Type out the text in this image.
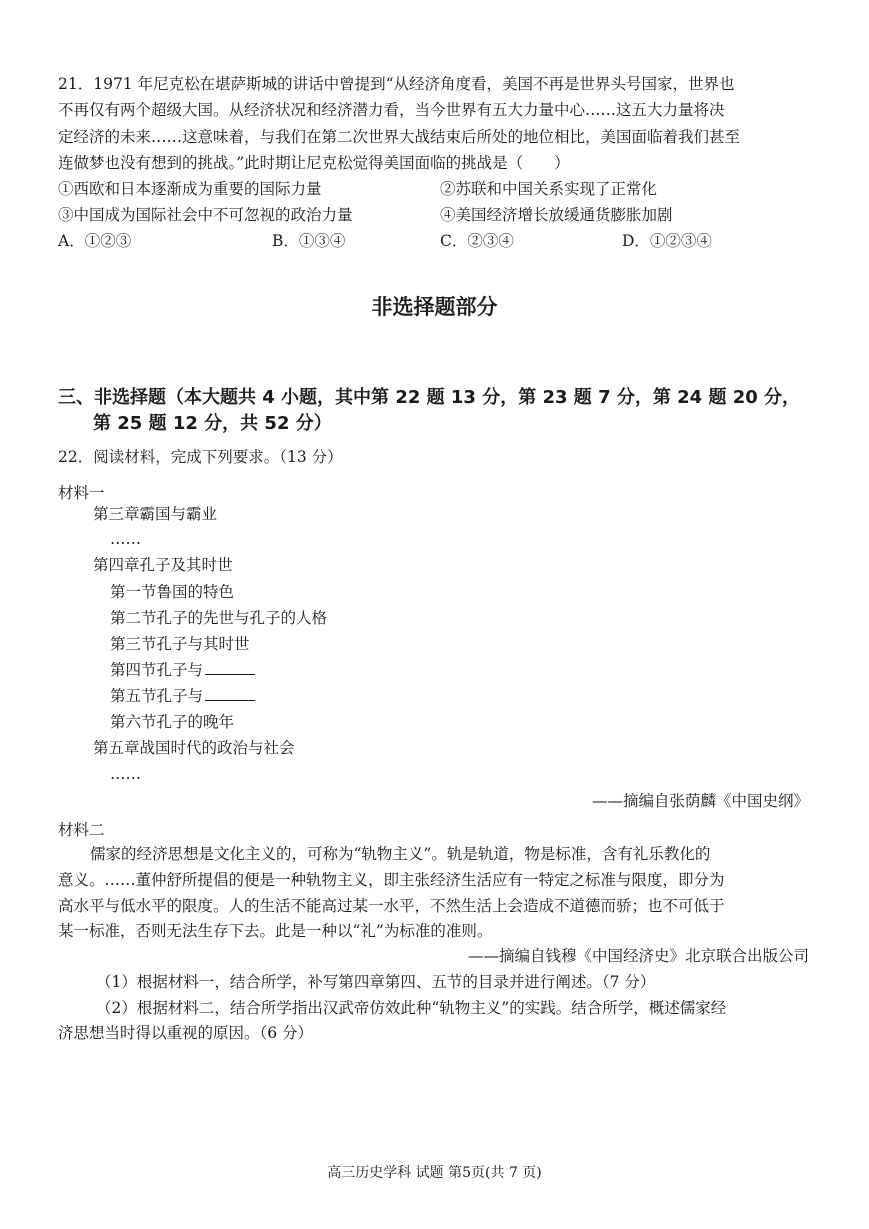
21．1971 年尼克松在堪萨斯城的讲话中曾提到“从经济角度看，美国不再是世界头号国家，世界也
不再仅有两个超级大国。从经济状况和经济潜力看，当今世界有五大力量中心……这五大力量将决
定经济的未来……这意味着，与我们在第二次世界大战结束后所处的地位相比，美国面临着我们甚至
连做梦也没有想到的挑战。”此时期让尼克松觉得美国面临的挑战是（　　）
①西欧和日本逐渐成为重要的国际力量	②苏联和中国关系实现了正常化
③中国成为国际社会中不可忽视的政治力量	④美国经济增长放缓通货膨胀加剧
A．①②③	B．①③④	C．②③④	D．①②③④
非选择题部分
三、非选择题（本大题共 4 小题，其中第 22 题 13 分，第 23 题 7 分，第 24 题 20 分，
第 25 题 12 分，共 52 分）
22．阅读材料，完成下列要求。（13 分）
材料一
第三章霸国与霸业
……
第四章孔子及其时世
第一节鲁国的特色
第二节孔子的先世与孔子的人格
第三节孔子与其时世
第四节孔子与
第五节孔子与
第六节孔子的晚年
第五章战国时代的政治与社会
……
——摘编自张荫麟《中国史纲》
材料二
儒家的经济思想是文化主义的，可称为“轨物主义”。轨是轨道，物是标准，含有礼乐教化的
意义。……董仲舒所提倡的便是一种轨物主义，即主张经济生活应有一特定之标准与限度，即分为
高水平与低水平的限度。人的生活不能高过某一水平，不然生活上会造成不道德而骄；也不可低于
某一标准，否则无法生存下去。此是一种以“礼”为标准的准则。
——摘编自钱穆《中国经济史》北京联合出版公司
（1）根据材料一，结合所学，补写第四章第四、五节的目录并进行阐述。（7 分）
（2）根据材料二，结合所学指出汉武帝仿效此种“轨物主义”的实践。结合所学，概述儒家经
济思想当时得以重视的原因。（6 分）
高三历史学科 试题 第5页(共 7 页)
